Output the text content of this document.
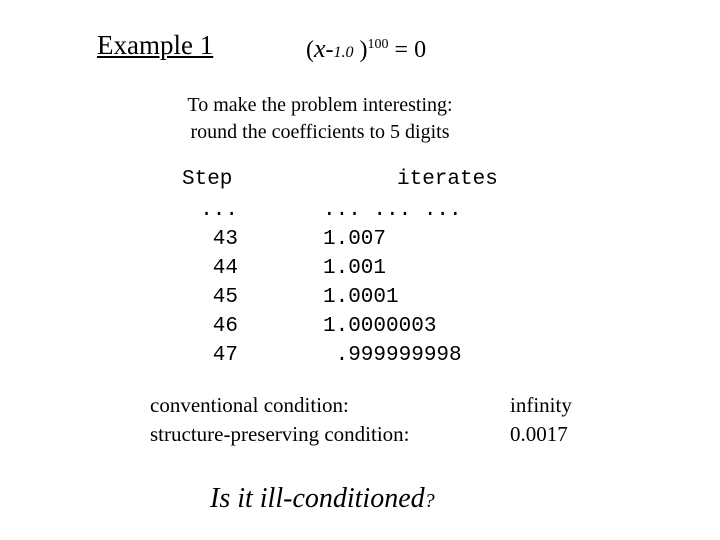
Example 1	(x-1.0 )$^{100}$ = 0
To make the problem interesting:
round the coefficients to 5 digits
Step	iterates
...
43
44
45
46
47
... ... ...
1.007
1.001
1.0001
1.0000003
.999999998
conventional condition:
structure-preserving condition:
infinity
0.0017
Is it ill-conditioned?
